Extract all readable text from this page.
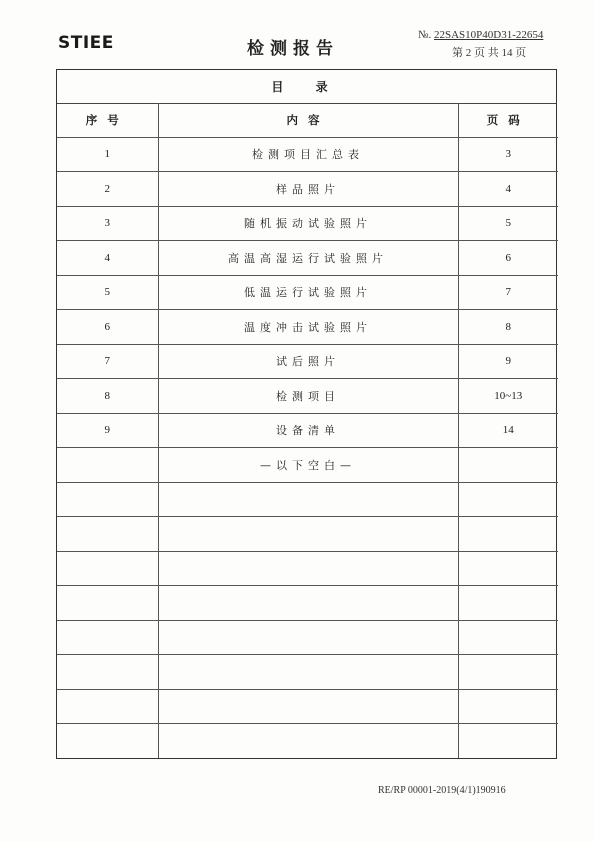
STIEE	检测报告
№. 22SAS10P40D31-22654
第 2 页 共 14 页
目 录
序号	内容	页码
1	检测项目汇总表	3
2	样品照片	4
3	随机振动试验照片	5
4	高温高湿运行试验照片	6
5	低温运行试验照片	7
6	温度冲击试验照片	8
7	试后照片	9
8	检测项目	10~13
9	设备清单	14
	—以下空白—	

RE/RP 00001-2019(4/1)190916
